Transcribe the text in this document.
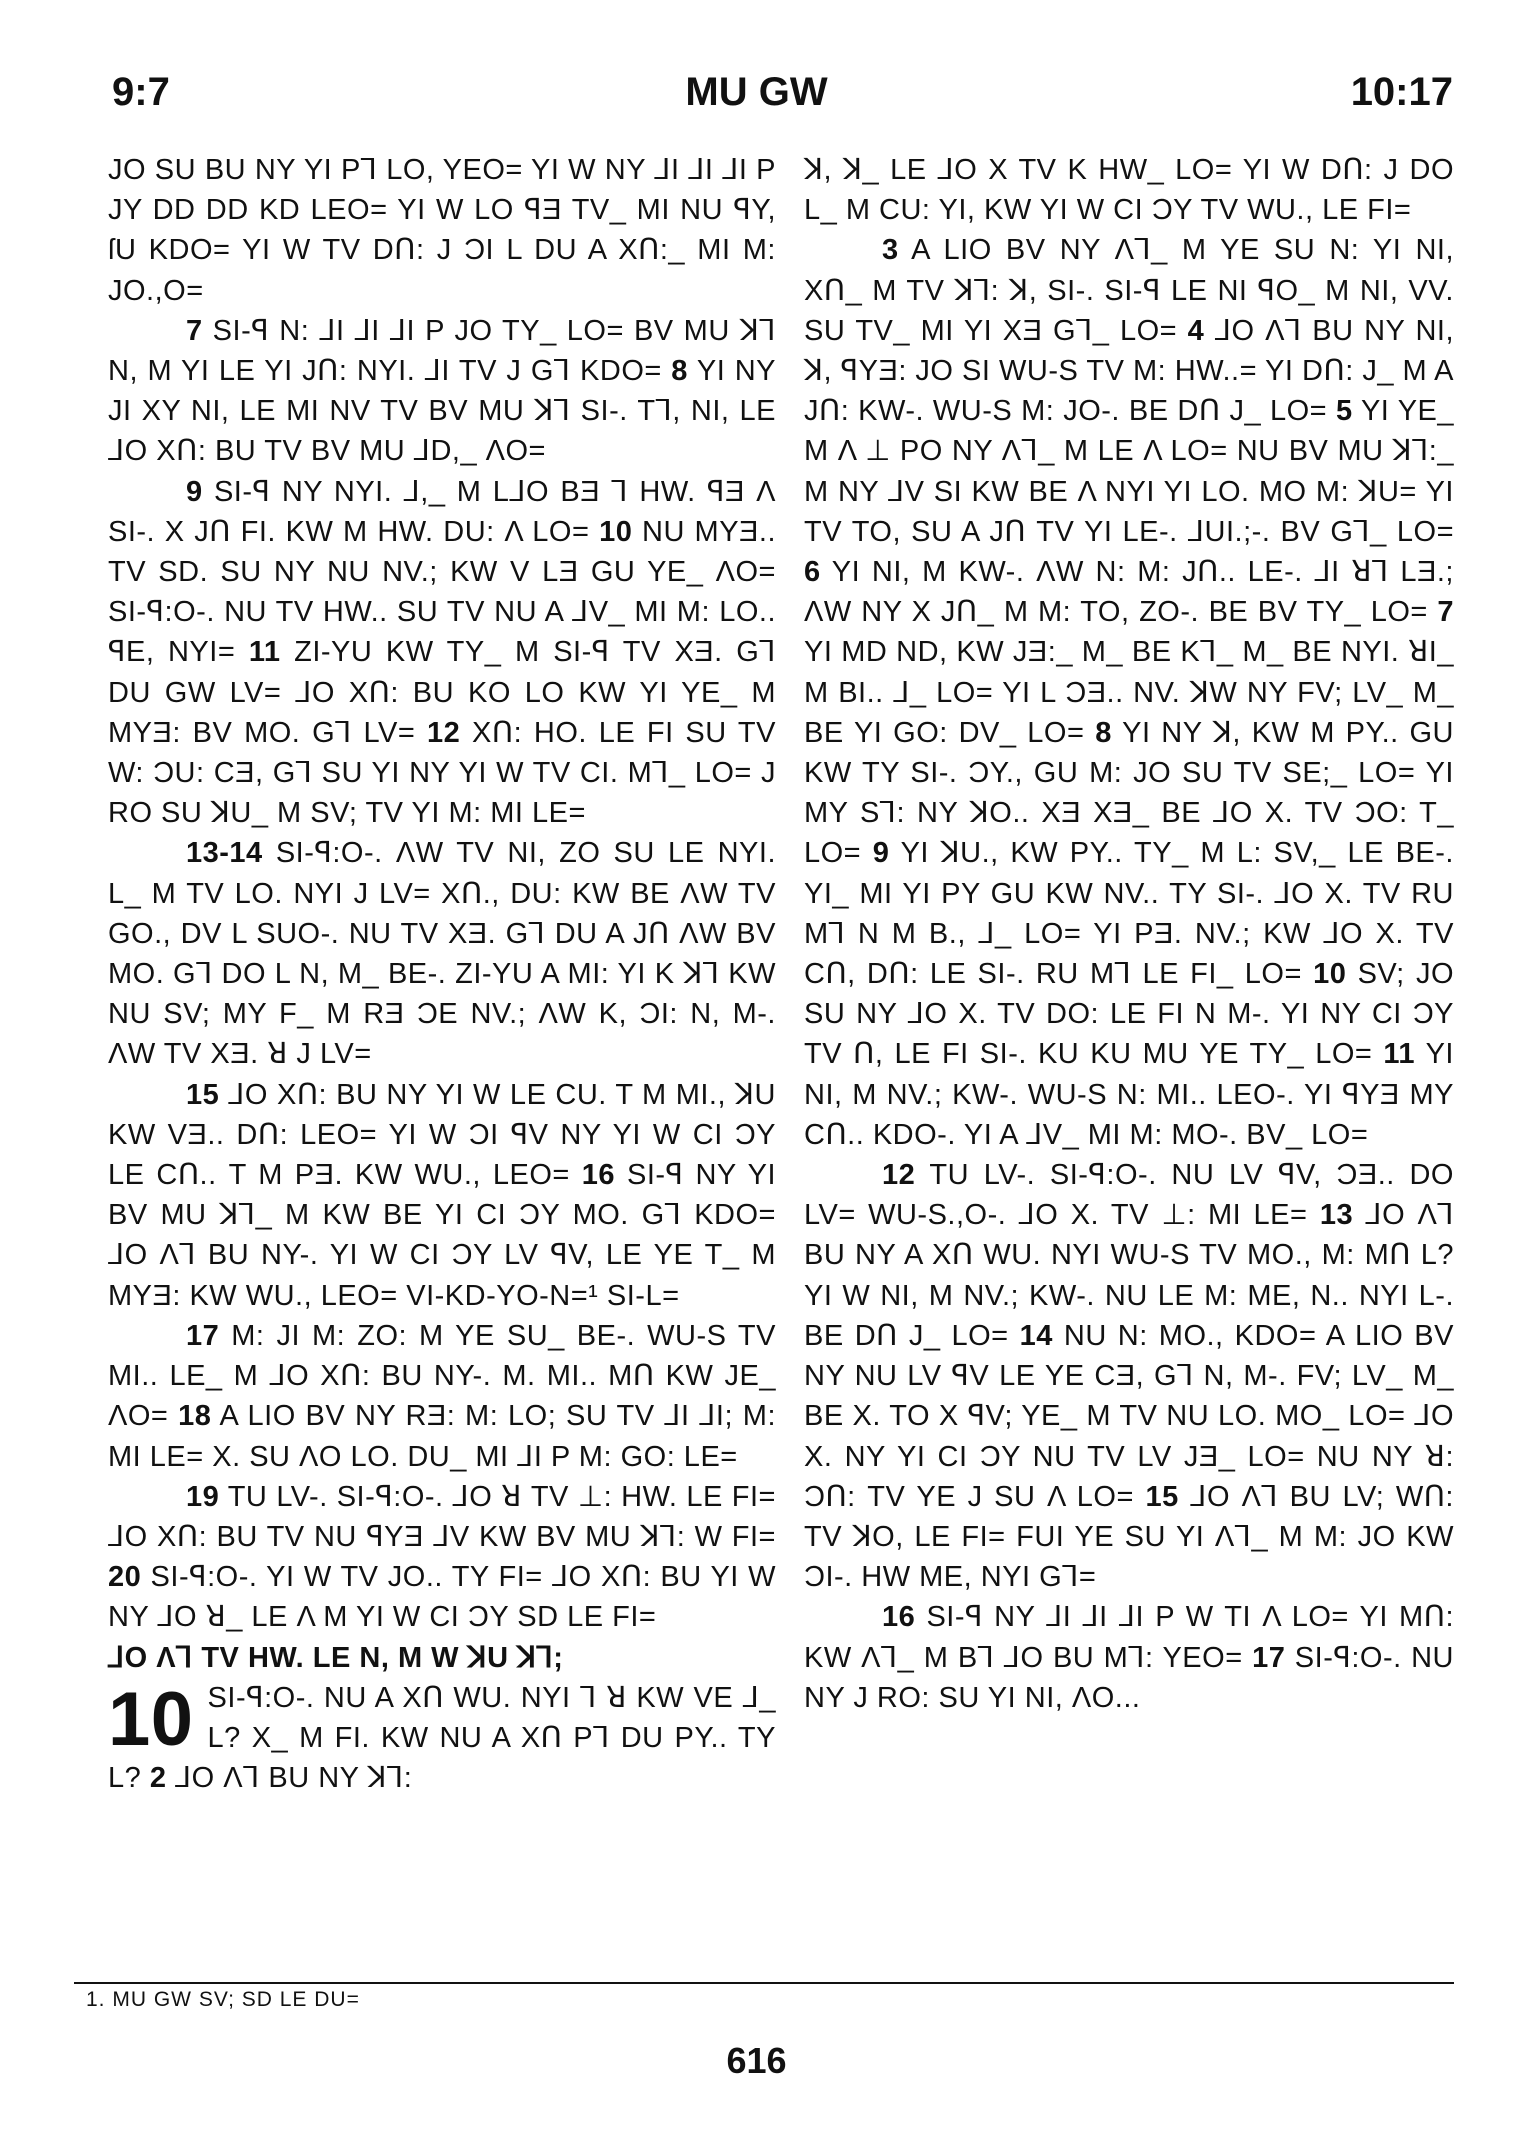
9:7	MU GW	10:17

JO SU BU NY YI P⅂ LO, YEO= YI W NY ⅃I ⅃I ⅃I P JY DD DD KD LEO= YI W LO ꟼƎ TV_ MI NU ꟼY, ſU KDO= YI W TV DՈ: J ƆI L DU A XՈ:_ MI M: JO.,O=

7 SI-ꟼ N: ⅃I ⅃I ⅃I P JO TY_ LO= BV MU ꓘ⅂ N, M YI LE YI JՈ: NYI. ⅃I TV J G⅂ KDO= 8 YI NY JI XY NI, LE MI NV TV BV MU ꓘ⅂ SI-. T⅂, NI, LE ⅃O XՈ: BU TV BV MU ⅃D,_ ΛO=

9 SI-ꟼ NY NYI. ⅃,_ M L⅃O BƎ ⅂ HW. ꟼƎ Λ SI-. X JՈ FI. KW M HW. DU: Λ LO= 10 NU MYƎ.. TV SD. SU NY NU NV.; KW V LƎ GU YE_ ΛO= SI-ꟼ:O-. NU TV HW.. SU TV NU A ⅃V_ MI M: LO.. ꟼE, NYI= 11 ZI-YU KW TY_ M SI-ꟼ TV XƎ. G⅂ DU GW LV= ⅃O XՈ: BU KO LO KW YI YE_ M MYƎ: BV MO. G⅂ LV= 12 XՈ: HO. LE FI SU TV W: ƆU: CƎ, G⅂ SU YI NY YI W TV CI. M⅂_ LO= J RO SU ꓘU_ M SV; TV YI M: MI LE=

13-14 SI-ꟼ:O-. ΛW TV NI, ZO SU LE NYI. L_ M TV LO. NYI J LV= XՈ., DU: KW BE ΛW TV GO., DV L SUO-. NU TV XƎ. G⅂ DU A JՈ ΛW BV MO. G⅂ DO L N, M_ BE-. ZI-YU A MI: YI K ꓘ⅂ KW NU SV; MY F_ M RƎ ƆE NV.; ΛW K, ƆI: N, M-. ΛW TV XƎ. ꓤ J LV=

15 ⅃O XՈ: BU NY YI W LE CU. T M MI., ꓘU KW VƎ.. DՈ: LEO= YI W ƆI ꟼV NY YI W CI ƆY LE CՈ.. T M PƎ. KW WU., LEO= 16 SI-ꟼ NY YI BV MU ꓘ⅂_ M KW BE YI CI ƆY MO. G⅂ KDO= ⅃O Λ⅂ BU NY-. YI W CI ƆY LV ꟼV, LE YE T_ M MYƎ: KW WU., LEO= VI-KD-YO-N=¹ SI-L=

17 M: JI M: ZO: M YE SU_ BE-. WU-S TV MI.. LE_ M ⅃O XՈ: BU NY-. M. MI.. MՈ KW JE_ ΛO= 18 A LIO BV NY RƎ: M: LO; SU TV ⅃I ⅃I; M: MI LE= X. SU ΛO LO. DU_ MI ⅃I P M: GO: LE=

19 TU LV-. SI-ꟼ:O-. ⅃O ꓤ TV ⊥: HW. LE FI= ⅃O XՈ: BU TV NU ꟼYƎ ⅃V KW BV MU ꓘ⅂: W FI= 20 SI-ꟼ:O-. YI W TV JO.. TY FI= ⅃O XՈ: BU YI W NY ⅃O ꓤ_ LE Λ M YI W CI ƆY SD LE FI=

⅃O Λ⅂ TV HW. LE N, M W ꓘU ꓘ⅂;

10 SI-ꟼ:O-. NU A XՈ WU. NYI ⅂ ꓤ KW VE ⅃_ L? X_ M FI. KW NU A XՈ P⅂ DU PY.. TY L? 2 ⅃O Λ⅂ BU NY ꓘ⅂:

ꓘ, ꓘ_ LE ⅃O X TV K HW_ LO= YI W DՈ: J DO L_ M CU: YI, KW YI W CI ƆY TV WU., LE FI=

3 A LIO BV NY Λ⅂_ M YE SU N: YI NI, XՈ_ M TV ꓘ⅂: ꓘ, SI-. SI-ꟼ LE NI ꟼO_ M NI, VV. SU TV_ MI YI XƎ G⅂_ LO= 4 ⅃O Λ⅂ BU NY NI, ꓘ, ꟼYƎ: JO SI WU-S TV M: HW..= YI DՈ: J_ M A JՈ: KW-. WU-S M: JO-. BE DՈ J_ LO= 5 YI YE_ M Λ ⊥ PO NY Λ⅂_ M LE Λ LO= NU BV MU ꓘ⅂:_ M NY ⅃V SI KW BE Λ NYI YI LO. MO M: ꓘU= YI TV TO, SU A JՈ TV YI LE-. ⅃UI.;-. BV G⅂_ LO= 6 YI NI, M KW-. ΛW N: M: JՈ.. LE-. ⅃I ꓤ⅂ LƎ.; ΛW NY X JՈ_ M M: TO, ZO-. BE BV TY_ LO= 7 YI MD ND, KW JƎ:_ M_ BE K⅂_ M_ BE NYI. ꓤI_ M BI.. ⅃_ LO= YI L ƆƎ.. NV. ꓘW NY FV; LV_ M_ BE YI GO: DV_ LO= 8 YI NY ꓘ, KW M PY.. GU KW TY SI-. ƆY., GU M: JO SU TV SE;_ LO= YI MY S⅂: NY ꓘO.. XƎ XƎ_ BE ⅃O X. TV ƆO: T_ LO= 9 YI ꓘU., KW PY.. TY_ M L: SV,_ LE BE-. YI_ MI YI PY GU KW NV.. TY SI-. ⅃O X. TV RU M⅂ N M B., ⅃_ LO= YI PƎ. NV.; KW ⅃O X. TV CՈ, DՈ: LE SI-. RU M⅂ LE FI_ LO= 10 SV; JO SU NY ⅃O X. TV DO: LE FI N M-. YI NY CI ƆY TV Ո, LE FI SI-. KU KU MU YE TY_ LO= 11 YI NI, M NV.; KW-. WU-S N: MI.. LEO-. YI ꟼYƎ MY CՈ.. KDO-. YI A ⅃V_ MI M: MO-. BV_ LO=

12 TU LV-. SI-ꟼ:O-. NU LV ꟼV, ƆƎ.. DO LV= WU-S.,O-. ⅃O X. TV ⊥: MI LE= 13 ⅃O Λ⅂ BU NY A XՈ WU. NYI WU-S TV MO., M: MՈ L? YI W NI, M NV.; KW-. NU LE M: ME, N.. NYI L-. BE DՈ J_ LO= 14 NU N: MO., KDO= A LIO BV NY NU LV ꟼV LE YE CƎ, G⅂ N, M-. FV; LV_ M_ BE X. TO X ꟼV; YE_ M TV NU LO. MO_ LO= ⅃O X. NY YI CI ƆY NU TV LV JƎ_ LO= NU NY ꓤ: ƆՈ: TV YE J SU Λ LO= 15 ⅃O Λ⅂ BU LV; WՈ: TV ꓘO, LE FI= FUI YE SU YI Λ⅂_ M M: JO KW ƆI-. HW ME, NYI G⅂=

16 SI-ꟼ NY ⅃I ⅃I ⅃I P W TI Λ LO= YI MՈ: KW Λ⅂_ M B⅂ ⅃O BU M⅂: YEO= 17 SI-ꟼ:O-. NU NY J RO: SU YI NI, ΛO...

1. MU GW SV; SD LE DU=
616
